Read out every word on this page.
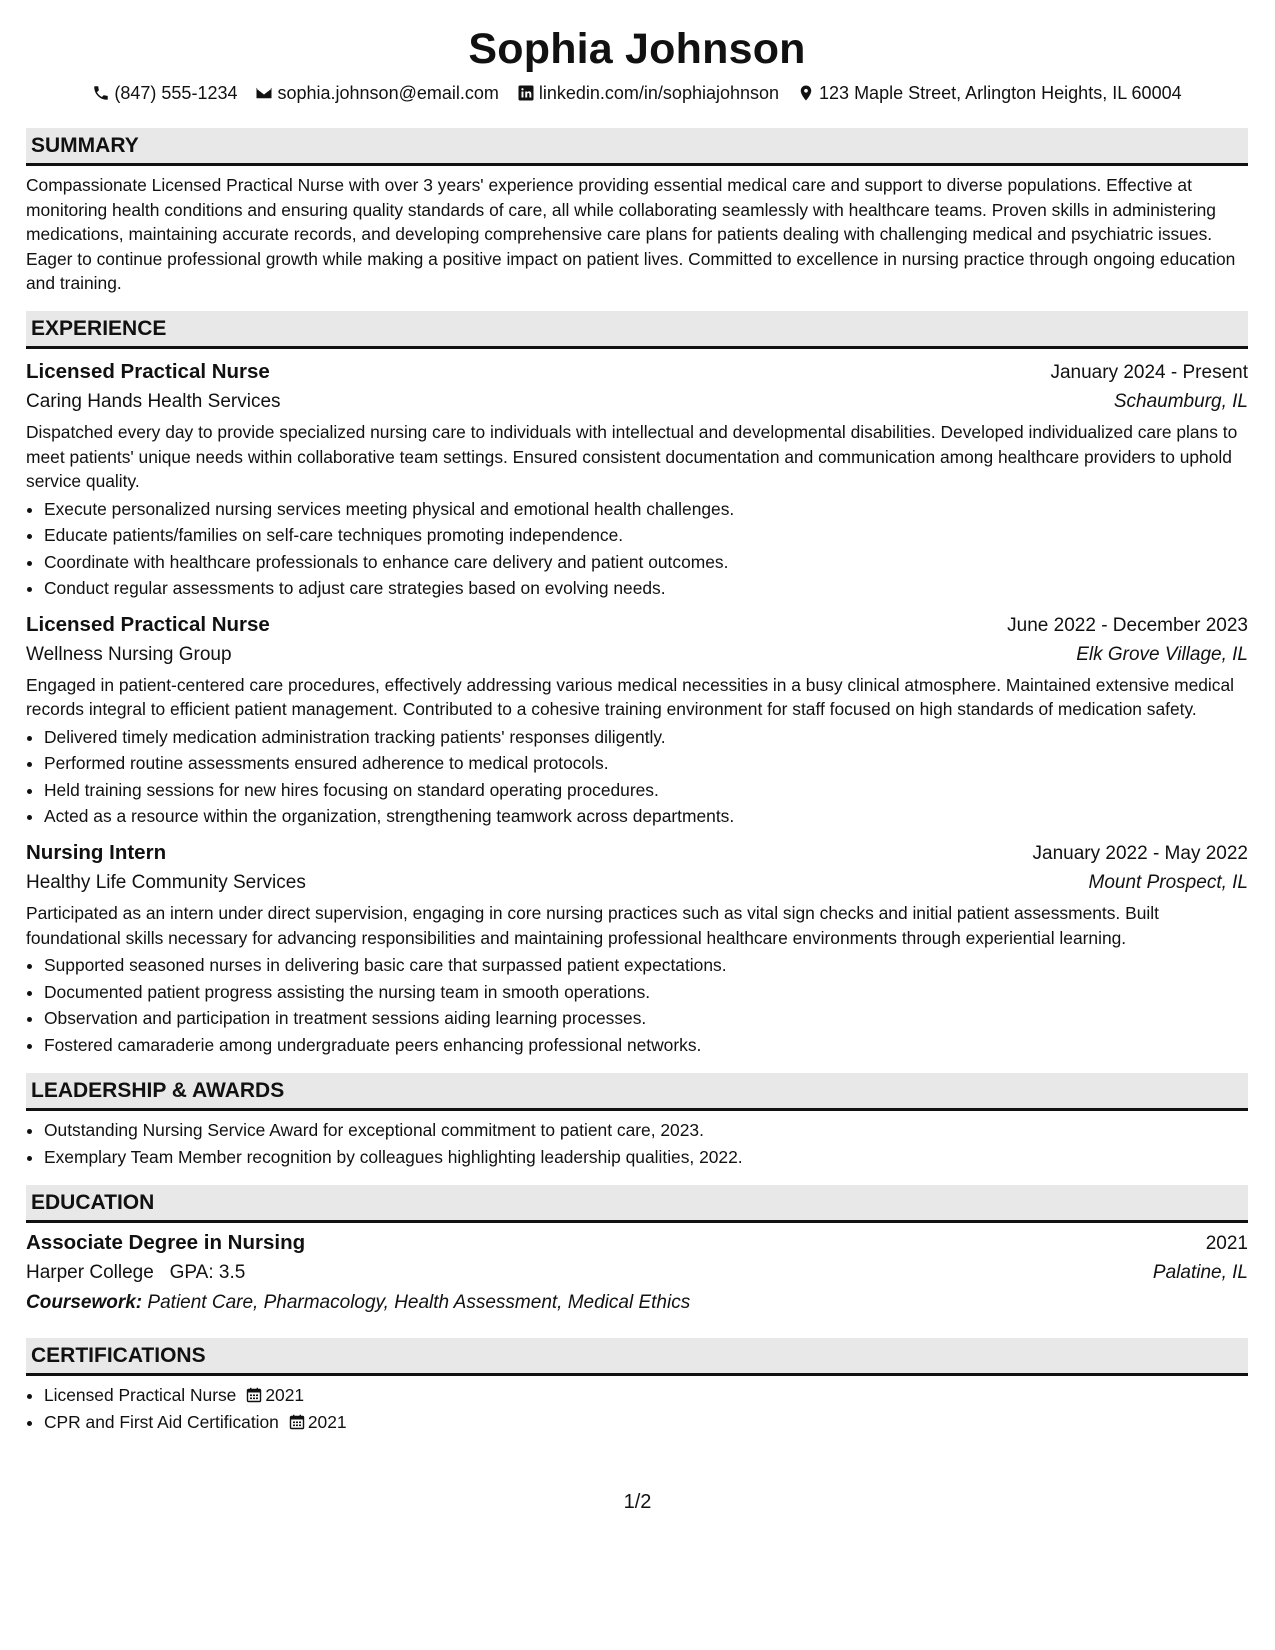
Sophia Johnson
(847) 555-1234 sophia.johnson@email.com linkedin.com/in/sophiajohnson 123 Maple Street, Arlington Heights, IL 60004
SUMMARY

Compassionate Licensed Practical Nurse with over 3 years' experience providing essential medical care and support to diverse populations. Effective at monitoring health conditions and ensuring quality standards of care, all while collaborating seamlessly with healthcare teams. Proven skills in administering medications, maintaining accurate records, and developing comprehensive care plans for patients dealing with challenging medical and psychiatric issues. Eager to continue professional growth while making a positive impact on patient lives. Committed to excellence in nursing practice through ongoing education and training.

EXPERIENCE
Licensed Practical Nurse	January 2024 - Present
Caring Hands Health Services	Schaumburg, IL

Dispatched every day to provide specialized nursing care to individuals with intellectual and developmental disabilities. Developed individualized care plans to meet patients' unique needs within collaborative team settings. Ensured consistent documentation and communication among healthcare providers to uphold service quality.

• Execute personalized nursing services meeting physical and emotional health challenges.
• Educate patients/families on self-care techniques promoting independence.
• Coordinate with healthcare professionals to enhance care delivery and patient outcomes.
• Conduct regular assessments to adjust care strategies based on evolving needs.
Licensed Practical Nurse	June 2022 - December 2023
Wellness Nursing Group	Elk Grove Village, IL

Engaged in patient-centered care procedures, effectively addressing various medical necessities in a busy clinical atmosphere. Maintained extensive medical records integral to efficient patient management. Contributed to a cohesive training environment for staff focused on high standards of medication safety.

• Delivered timely medication administration tracking patients' responses diligently.
• Performed routine assessments ensured adherence to medical protocols.
• Held training sessions for new hires focusing on standard operating procedures.
• Acted as a resource within the organization, strengthening teamwork across departments.
Nursing Intern	January 2022 - May 2022
Healthy Life Community Services	Mount Prospect, IL

Participated as an intern under direct supervision, engaging in core nursing practices such as vital sign checks and initial patient assessments. Built foundational skills necessary for advancing responsibilities and maintaining professional healthcare environments through experiential learning.

• Supported seasoned nurses in delivering basic care that surpassed patient expectations.
• Documented patient progress assisting the nursing team in smooth operations.
• Observation and participation in treatment sessions aiding learning processes.
• Fostered camaraderie among undergraduate peers enhancing professional networks.
LEADERSHIP & AWARDS
• Outstanding Nursing Service Award for exceptional commitment to patient care, 2023.
• Exemplary Team Member recognition by colleagues highlighting leadership qualities, 2022.
EDUCATION
Associate Degree in Nursing	2021
Harper College GPA: 3.5	Palatine, IL
Coursework: Patient Care, Pharmacology, Health Assessment, Medical Ethics
CERTIFICATIONS
• Licensed Practical Nurse 2021
• CPR and First Aid Certification 2021
1/2
